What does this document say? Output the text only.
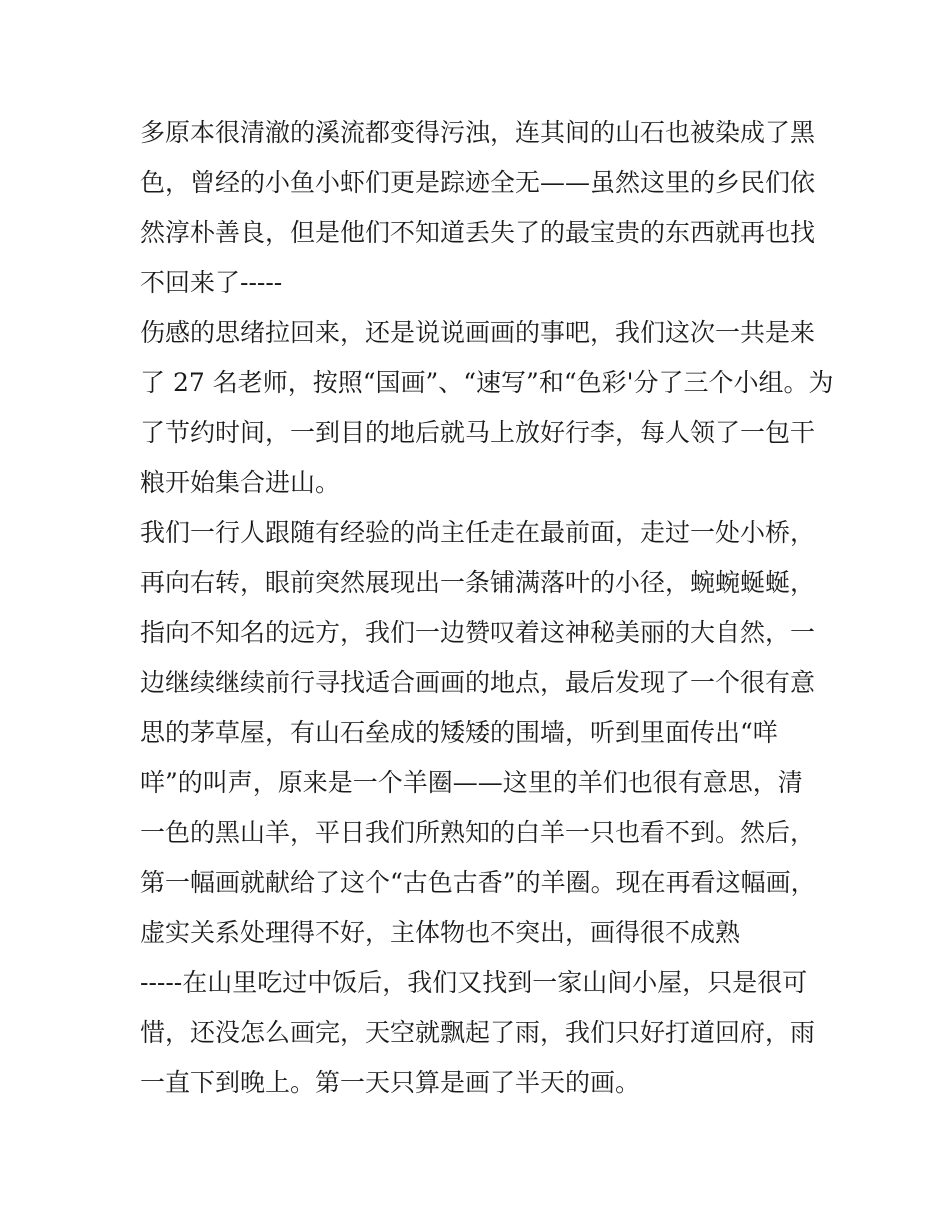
多原本很清澈的溪流都变得污浊，连其间的山石也被染成了黑
色，曾经的小鱼小虾们更是踪迹全无——虽然这里的乡民们依
然淳朴善良，但是他们不知道丢失了的最宝贵的东西就再也找
不回来了-----
伤感的思绪拉回来，还是说说画画的事吧，我们这次一共是来
了 27 名老师，按照“国画”、“速写”和“色彩'分了三个小组。为
了节约时间，一到目的地后就马上放好行李，每人领了一包干
粮开始集合进山。
我们一行人跟随有经验的尚主任走在最前面，走过一处小桥，
再向右转，眼前突然展现出一条铺满落叶的小径，蜿蜿蜒蜒，
指向不知名的远方，我们一边赞叹着这神秘美丽的大自然，一
边继续继续前行寻找适合画画的地点，最后发现了一个很有意
思的茅草屋，有山石垒成的矮矮的围墙，听到里面传出“咩
咩”的叫声，原来是一个羊圈——这里的羊们也很有意思，清
一色的黑山羊，平日我们所熟知的白羊一只也看不到。然后，
第一幅画就献给了这个“古色古香”的羊圈。现在再看这幅画，
虚实关系处理得不好，主体物也不突出，画得很不成熟
-----在山里吃过中饭后，我们又找到一家山间小屋，只是很可
惜，还没怎么画完，天空就飘起了雨，我们只好打道回府，雨
一直下到晚上。第一天只算是画了半天的画。
